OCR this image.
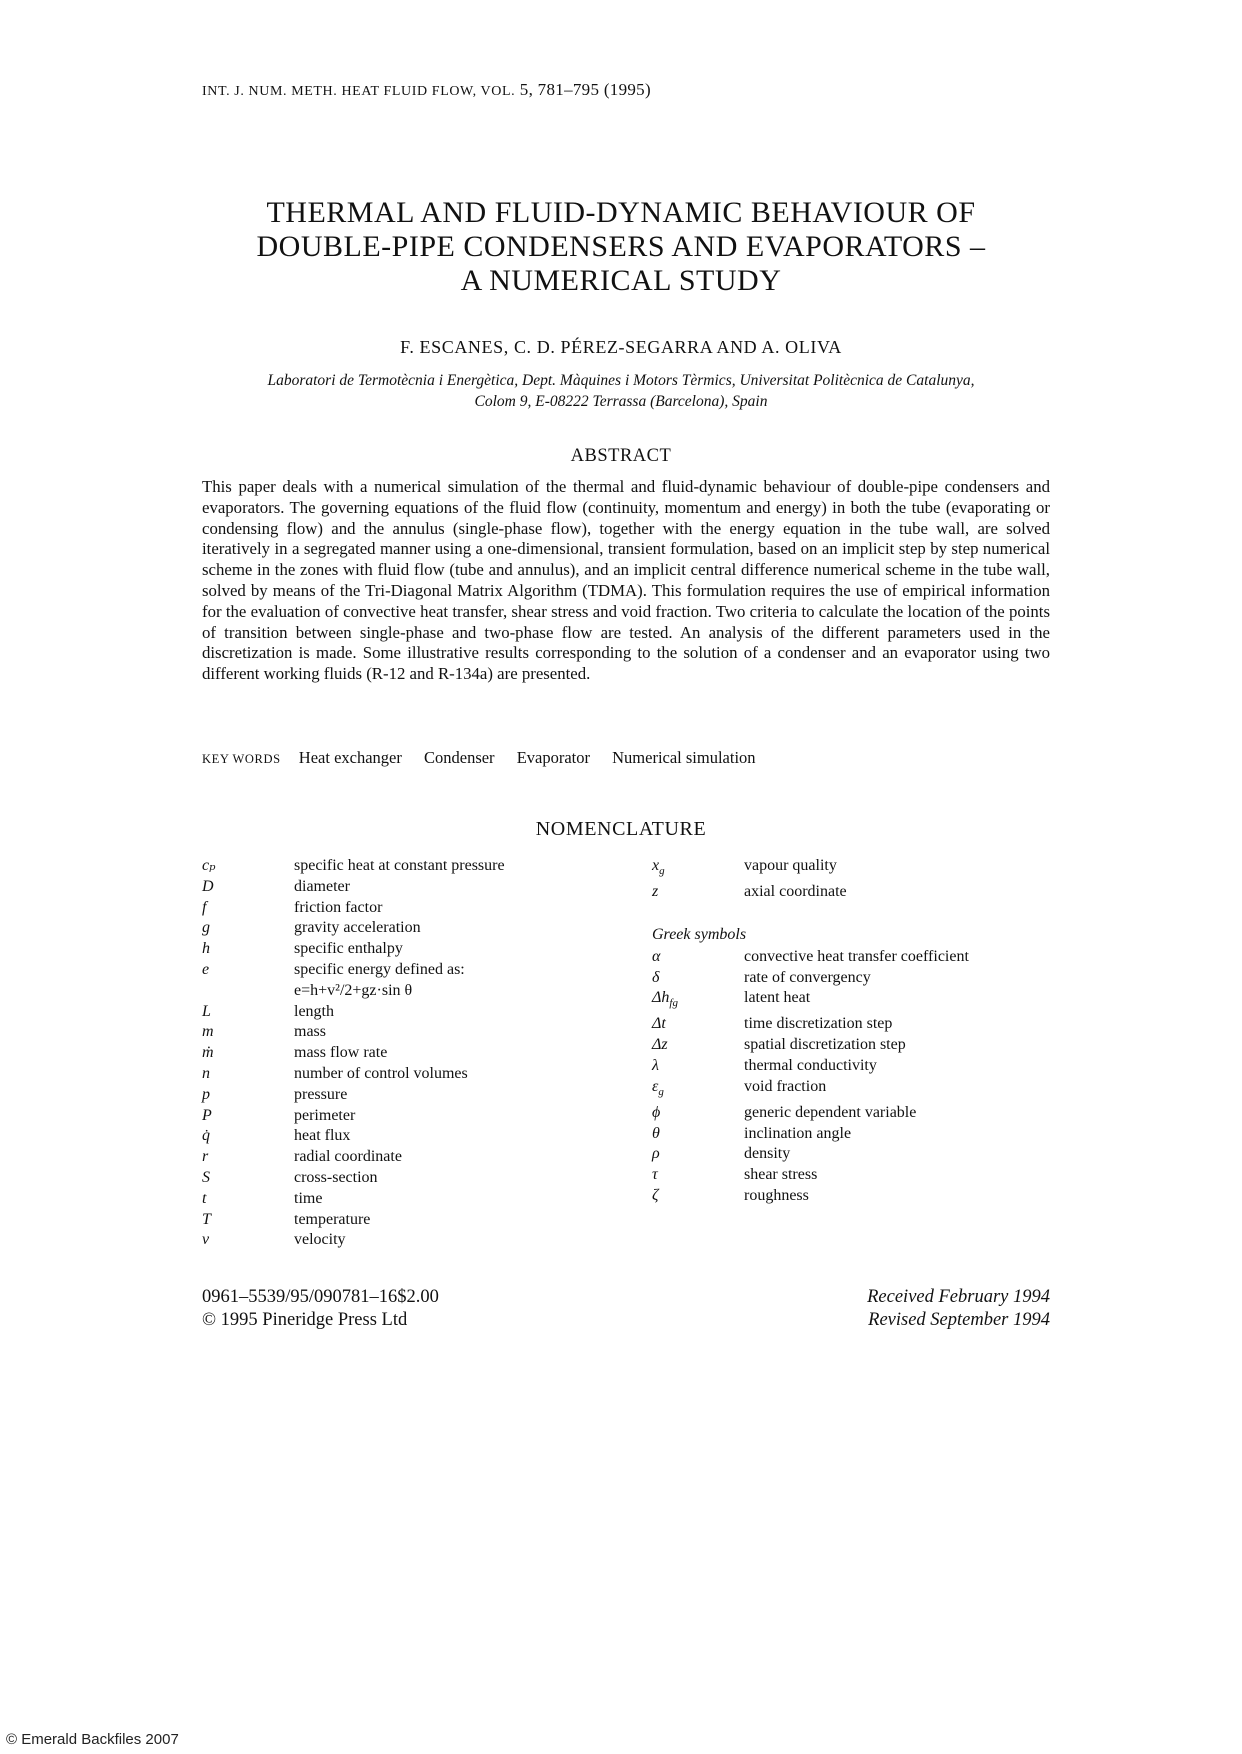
INT. J. NUM. METH. HEAT FLUID FLOW, VOL. 5, 781–795 (1995)
THERMAL AND FLUID-DYNAMIC BEHAVIOUR OF
DOUBLE-PIPE CONDENSERS AND EVAPORATORS –
A NUMERICAL STUDY
F. ESCANES, C. D. PÉREZ-SEGARRA AND A. OLIVA
Laboratori de Termotècnia i Energètica, Dept. Màquines i Motors Tèrmics, Universitat Politècnica de Catalunya,
Colom 9, E-08222 Terrassa (Barcelona), Spain
ABSTRACT
This paper deals with a numerical simulation of the thermal and fluid-dynamic behaviour of double-pipe condensers and evaporators. The governing equations of the fluid flow (continuity, momentum and energy) in both the tube (evaporating or condensing flow) and the annulus (single-phase flow), together with the energy equation in the tube wall, are solved iteratively in a segregated manner using a one-dimensional, transient formulation, based on an implicit step by step numerical scheme in the zones with fluid flow (tube and annulus), and an implicit central difference numerical scheme in the tube wall, solved by means of the Tri-Diagonal Matrix Algorithm (TDMA). This formulation requires the use of empirical information for the evaluation of convective heat transfer, shear stress and void fraction. Two criteria to calculate the location of the points of transition between single-phase and two-phase flow are tested. An analysis of the different parameters used in the discretization is made. Some illustrative results corresponding to the solution of a condenser and an evaporator using two different working fluids (R-12 and R-134a) are presented.
KEY WORDS Heat exchanger Condenser Evaporator Numerical simulation
NOMENCLATURE
cₚ	specific heat at constant pressure
D	diameter
f	friction factor
g	gravity acceleration
h	specific enthalpy
e	specific energy defined as:
e=h+v²/2+gz·sin θ
L	length
m	mass
ṁ	mass flow rate
n	number of control volumes
p	pressure
P	perimeter
q̇	heat flux
r	radial coordinate
S	cross-section
t	time
T	temperature
v	velocity
$x_g$	vapour quality
z	axial coordinate
Greek symbols
α	convective heat transfer coefficient
δ	rate of convergency
$\Delta h_{fg}$	latent heat
Δt	time discretization step
Δz	spatial discretization step
λ	thermal conductivity
$\varepsilon_g$	void fraction
ϕ	generic dependent variable
θ	inclination angle
ρ	density
τ	shear stress
ζ	roughness
0961–5539/95/090781–16$2.00
© 1995 Pineridge Press Ltd
Received February 1994
Revised September 1994
© Emerald Backfiles 2007
